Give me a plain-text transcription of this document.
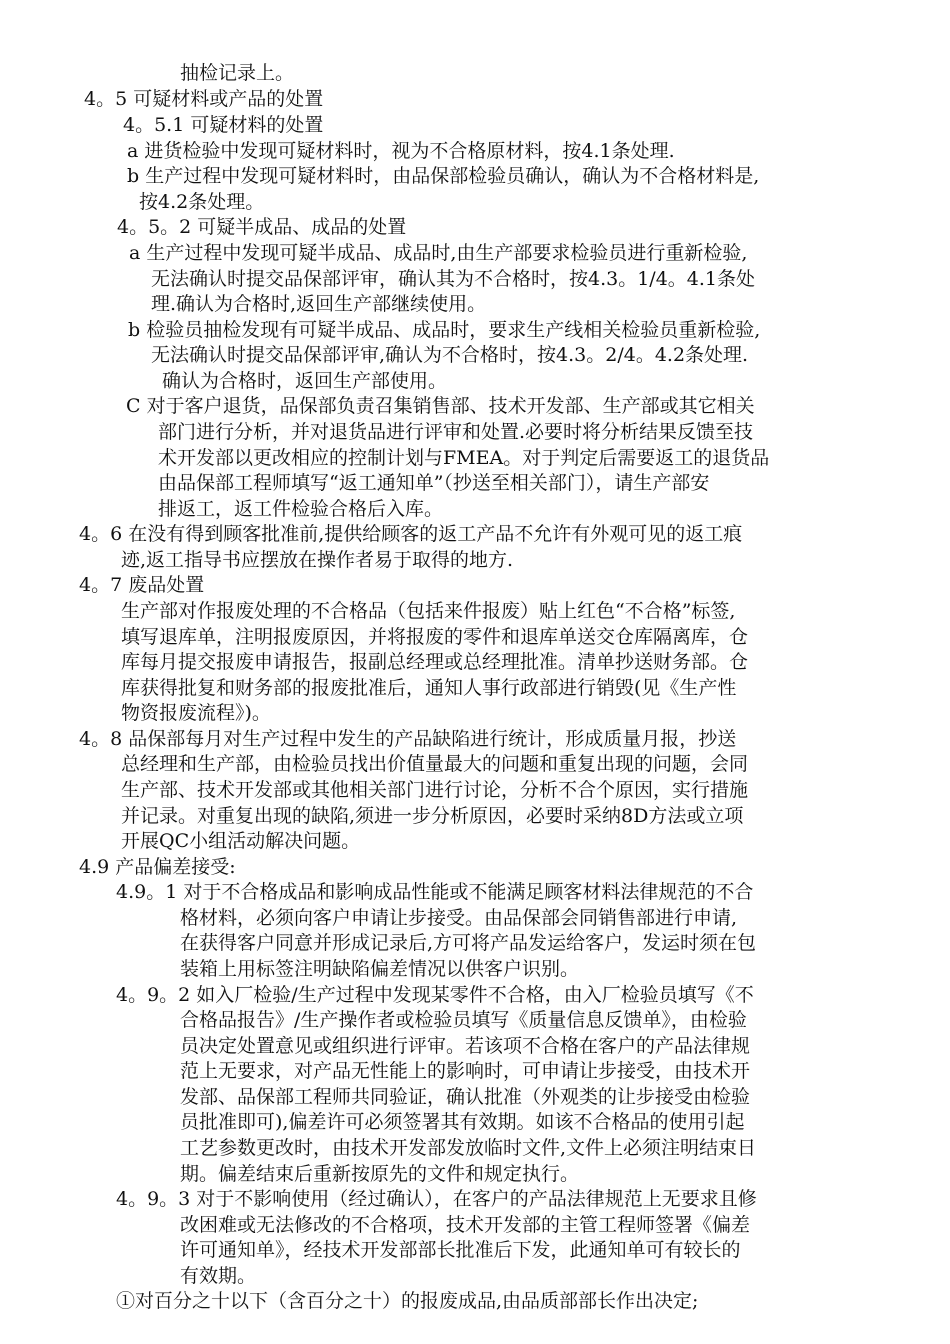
抽检记录上。
4。5 可疑材料或产品的处置
4。5.1 可疑材料的处置
a 进货检验中发现可疑材料时，视为不合格原材料，按4.1条处理.
b 生产过程中发现可疑材料时，由品保部检验员确认，确认为不合格材料是,
按4.2条处理。
4。5。2 可疑半成品、成品的处置
a 生产过程中发现可疑半成品、成品时,由生产部要求检验员进行重新检验,
无法确认时提交品保部评审，确认其为不合格时，按4.3。1/4。4.1条处
理.确认为合格时,返回生产部继续使用。
b 检验员抽检发现有可疑半成品、成品时，要求生产线相关检验员重新检验,
无法确认时提交品保部评审,确认为不合格时，按4.3。2/4。4.2条处理.
确认为合格时，返回生产部使用。
C 对于客户退货，品保部负责召集销售部、技术开发部、生产部或其它相关
部门进行分析，并对退货品进行评审和处置.必要时将分析结果反馈至技
术开发部以更改相应的控制计划与FMEA。对于判定后需要返工的退货品
由品保部工程师填写“返工通知单”（抄送至相关部门），请生产部安
排返工，返工件检验合格后入库。
4。6 在没有得到顾客批准前,提供给顾客的返工产品不允许有外观可见的返工痕
迹,返工指导书应摆放在操作者易于取得的地方.
4。7 废品处置
生产部对作报废处理的不合格品（包括来件报废）贴上红色“不合格”标签,
填写退库单，注明报废原因，并将报废的零件和退库单送交仓库隔离库，仓
库每月提交报废申请报告，报副总经理或总经理批准。清单抄送财务部。仓
库获得批复和财务部的报废批准后，通知人事行政部进行销毁(见《生产性
物资报废流程》)。
4。8 品保部每月对生产过程中发生的产品缺陷进行统计，形成质量月报，抄送
总经理和生产部，由检验员找出价值量最大的问题和重复出现的问题，会同
生产部、技术开发部或其他相关部门进行讨论，分析不合个原因，实行措施
并记录。对重复出现的缺陷,须进一步分析原因，必要时采纳8D方法或立项
开展QC小组活动解决问题。
4.9 产品偏差接受:
4.9。1 对于不合格成品和影响成品性能或不能满足顾客材料法律规范的不合
格材料，必须向客户申请让步接受。由品保部会同销售部进行申请,
在获得客户同意并形成记录后,方可将产品发运给客户，发运时须在包
装箱上用标签注明缺陷偏差情况以供客户识别。
4。9。2 如入厂检验/生产过程中发现某零件不合格，由入厂检验员填写《不
合格品报告》/生产操作者或检验员填写《质量信息反馈单》，由检验
员决定处置意见或组织进行评审。若该项不合格在客户的产品法律规
范上无要求，对产品无性能上的影响时，可申请让步接受，由技术开
发部、品保部工程师共同验证，确认批准（外观类的让步接受由检验
员批准即可),偏差许可必须签署其有效期。如该不合格品的使用引起
工艺参数更改时，由技术开发部发放临时文件,文件上必须注明结束日
期。偏差结束后重新按原先的文件和规定执行。
4。9。3 对于不影响使用（经过确认），在客户的产品法律规范上无要求且修
改困难或无法修改的不合格项，技术开发部的主管工程师签署《偏差
许可通知单》，经技术开发部部长批准后下发，此通知单可有较长的
有效期。
①对百分之十以下（含百分之十）的报废成品,由品质部部长作出决定;
